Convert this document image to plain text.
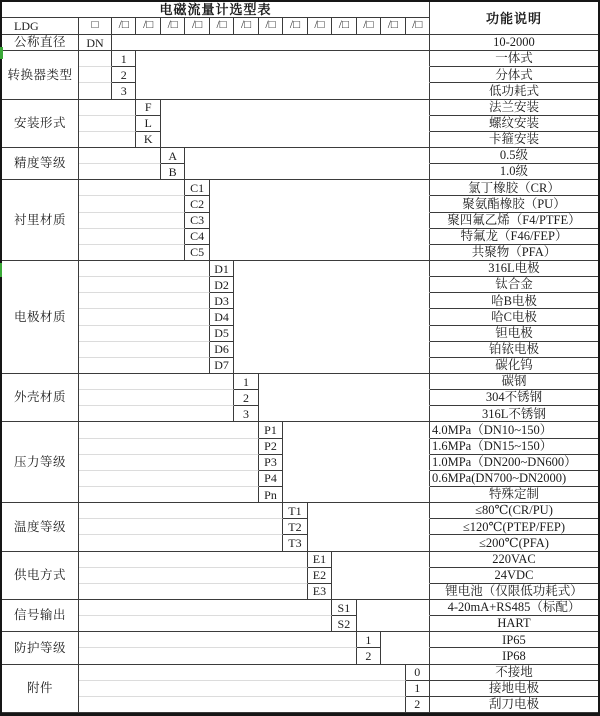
电磁流量计选型表
功能说明
LDG	□	/□	/□	/□	/□	/□	/□	/□	/□	/□	/□	/□	/□	/□
公称直径	DN	10-2000
转换器类型
1	一体式
2	分体式
3	低功耗式
安装形式
F	法兰安装
L	螺纹安装
K	卡箍安装
精度等级
A	0.5级
B	1.0级
衬里材质
C1	氯丁橡胶（CR）
C2	聚氨酯橡胶（PU）
C3	聚四氟乙烯（F4/PTFE）
C4	特氟龙（F46/FEP）
C5	共聚物（PFA）
电极材质
D1	316L电极
D2	钛合金
D3	哈B电极
D4	哈C电极
D5	钽电极
D6	铂铱电极
D7	碳化钨
外壳材质
1	碳钢
2	304不锈钢
3	316L不锈钢
压力等级
P1	4.0MPa（DN10~150）
P2	1.6MPa（DN15~150）
P3	1.0MPa（DN200~DN600）
P4	0.6MPa(DN700~DN2000)
Pn	特殊定制
温度等级
T1	≤80℃(CR/PU)
T2	≤120℃(PTEP/FEP)
T3	≤200℃(PFA)
供电方式
E1	220VAC
E2	24VDC
E3	锂电池（仅限低功耗式）
信号输出
S1	4-20mA+RS485（标配）
S2	HART
防护等级
1	IP65
2	IP68
附件
0	不接地
1	接地电极
2	刮刀电极
